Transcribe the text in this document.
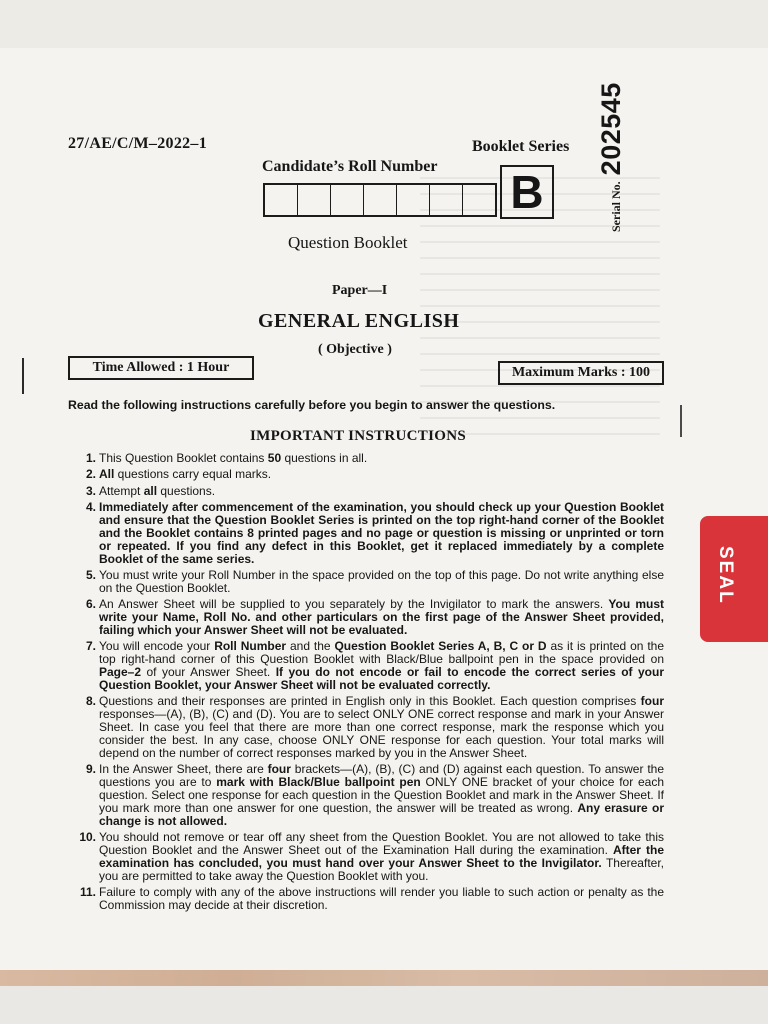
27/AE/C/M–2022–1	Booklet Series
Candidate’s Roll Number B	Serial No.202545
Question Booklet
Paper—I
GENERAL ENGLISH
( Objective )
Time Allowed : 1 Hour	Maximum Marks : 100
Read the following instructions carefully before you begin to answer the questions.
IMPORTANT INSTRUCTIONS
1. This Question Booklet contains 50 questions in all.
2. All questions carry equal marks.
3. Attempt all questions.
4. Immediately after commencement of the examination, you should check up your Question Booklet and ensure that the Question Booklet Series is printed on the top right-hand corner of the Booklet and the Booklet contains 8 printed pages and no page or question is missing or unprinted or torn or repeated. If you find any defect in this Booklet, get it replaced immediately by a complete Booklet of the same series.
5. You must write your Roll Number in the space provided on the top of this page. Do not write anything else on the Question Booklet.
6. An Answer Sheet will be supplied to you separately by the Invigilator to mark the answers. You must write your Name, Roll No. and other particulars on the first page of the Answer Sheet provided, failing which your Answer Sheet will not be evaluated.
7. You will encode your Roll Number and the Question Booklet Series A, B, C or D as it is printed on the top right-hand corner of this Question Booklet with Black/Blue ballpoint pen in the space provided on Page–2 of your Answer Sheet. If you do not encode or fail to encode the correct series of your Question Booklet, your Answer Sheet will not be evaluated correctly.
8. Questions and their responses are printed in English only in this Booklet. Each question comprises four responses—(A), (B), (C) and (D). You are to select ONLY ONE correct response and mark in your Answer Sheet. In case you feel that there are more than one correct response, mark the response which you consider the best. In any case, choose ONLY ONE response for each question. Your total marks will depend on the number of correct responses marked by you in the Answer Sheet.
9. In the Answer Sheet, there are four brackets—(A), (B), (C) and (D) against each question. To answer the questions you are to mark with Black/Blue ballpoint pen ONLY ONE bracket of your choice for each question. Select one response for each question in the Question Booklet and mark in the Answer Sheet. If you mark more than one answer for one question, the answer will be treated as wrong. Any erasure or change is not allowed.
10. You should not remove or tear off any sheet from the Question Booklet. You are not allowed to take this Question Booklet and the Answer Sheet out of the Examination Hall during the examination. After the examination has concluded, you must hand over your Answer Sheet to the Invigilator. Thereafter, you are permitted to take away the Question Booklet with you.
11. Failure to comply with any of the above instructions will render you liable to such action or penalty as the Commission may decide at their discretion.
SEAL
